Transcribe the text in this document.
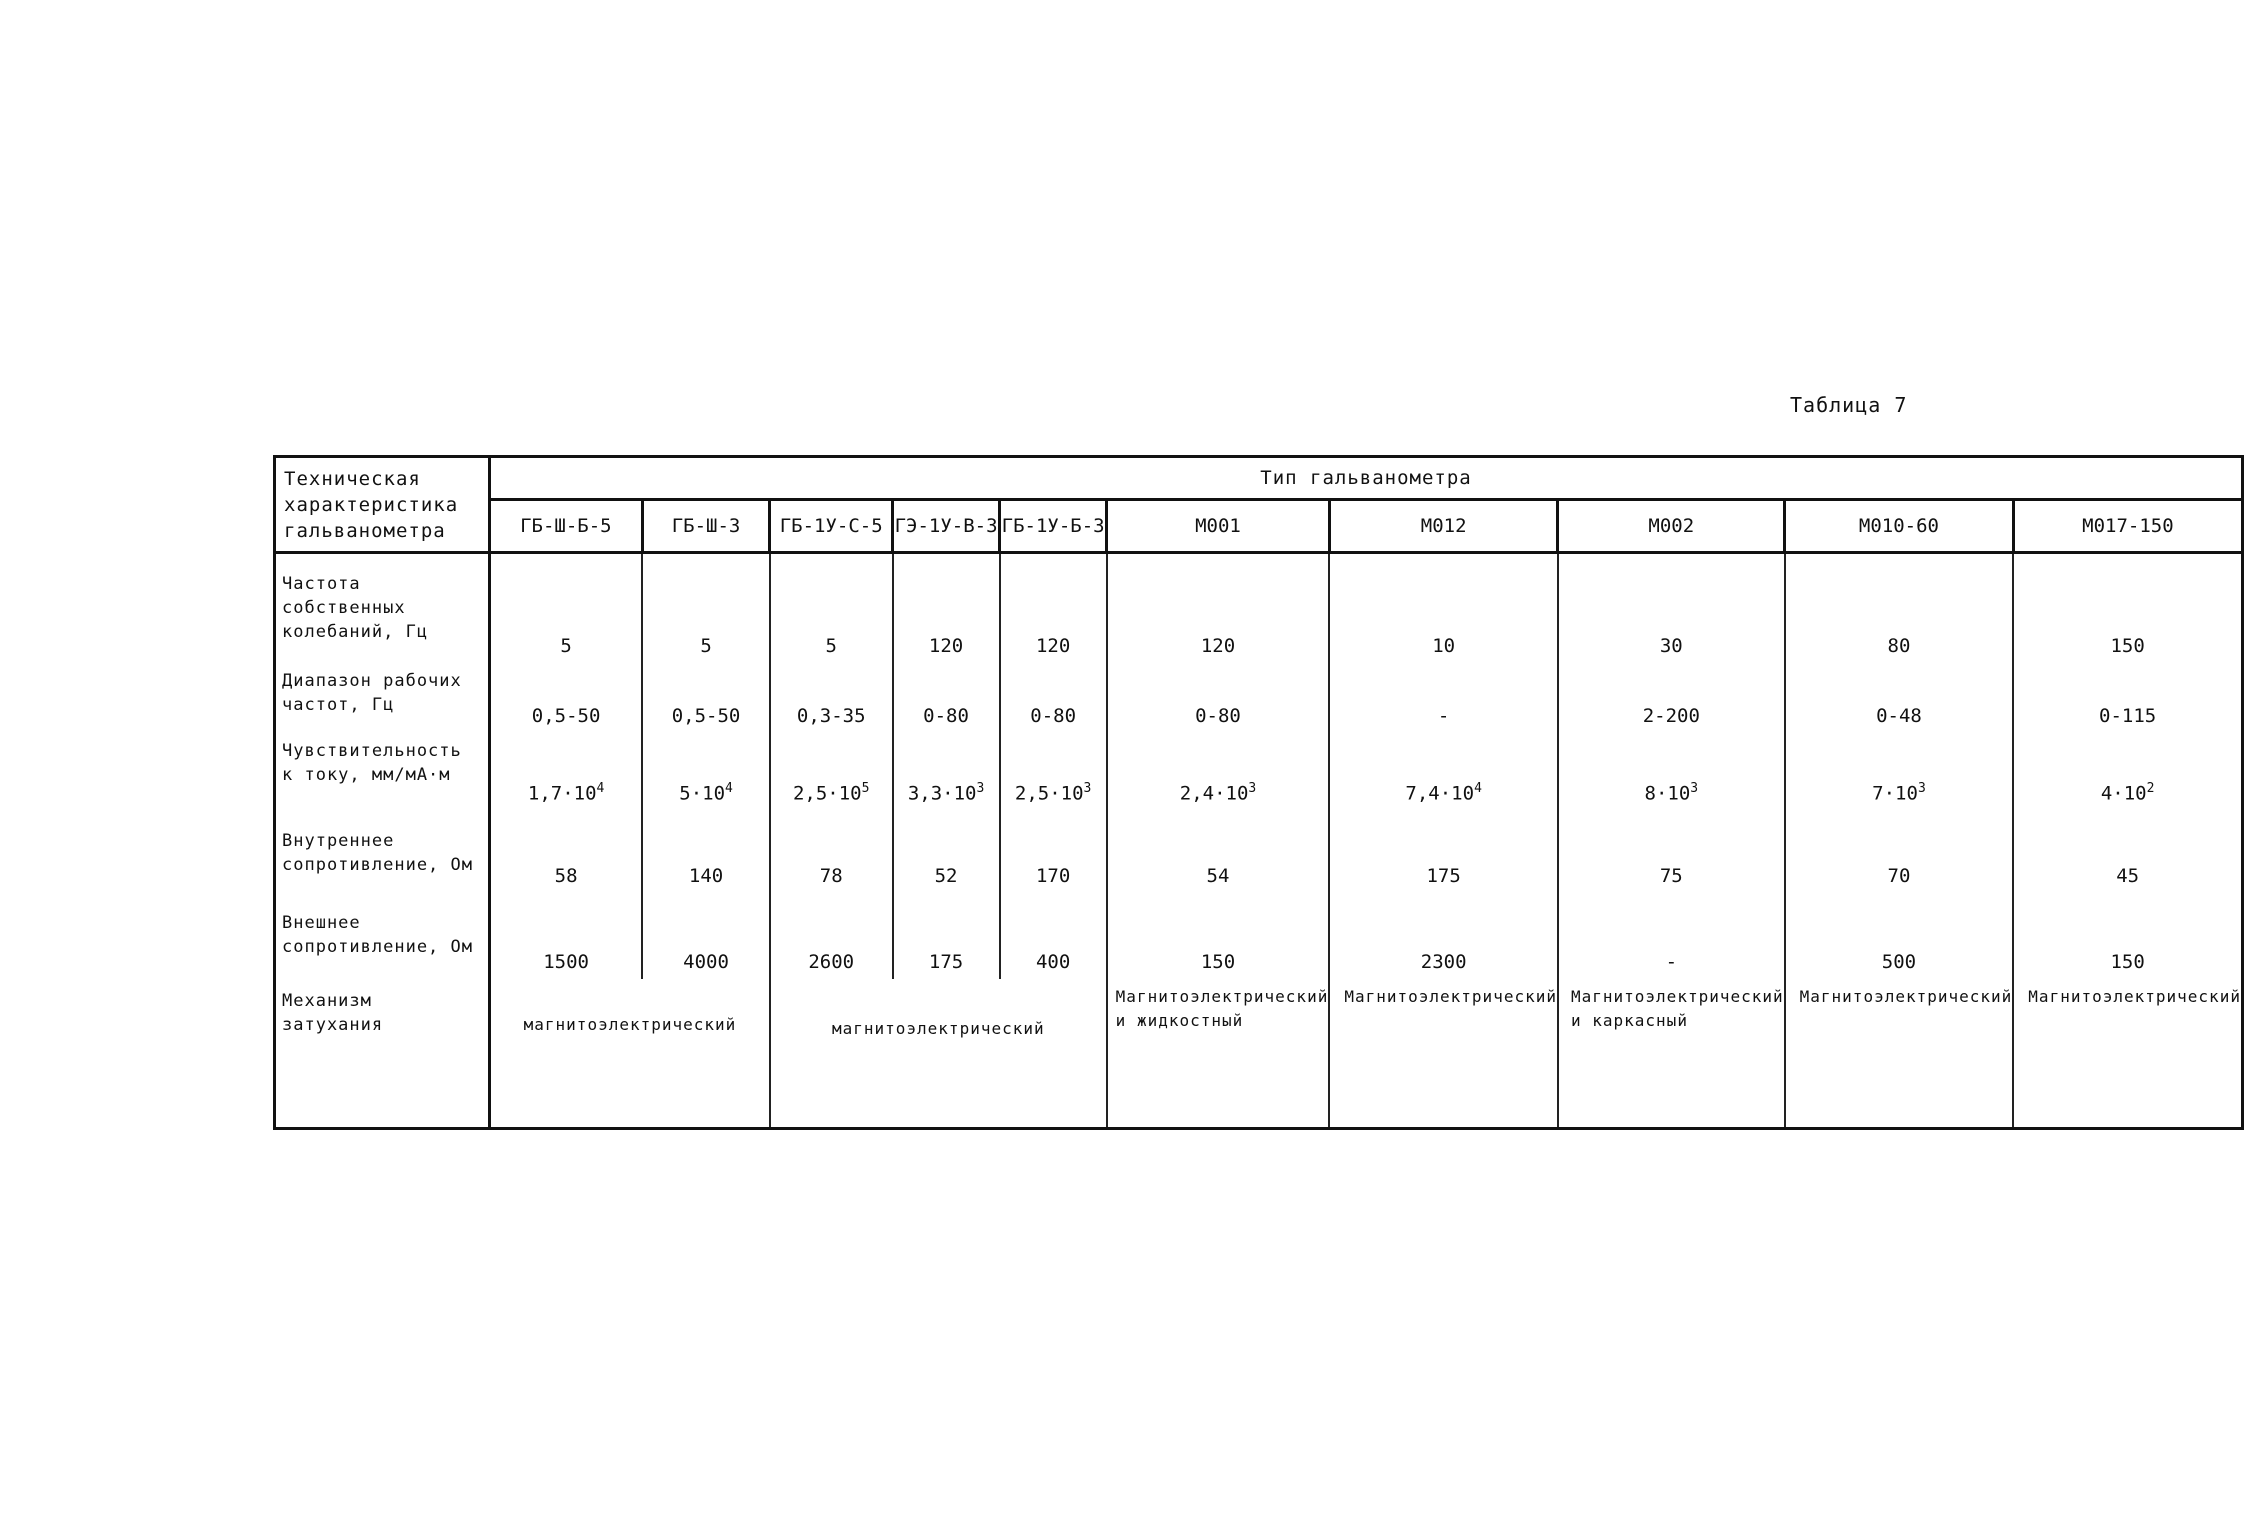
Таблица 7
Техническая характеристика гальванометра	Тип гальванометра									
	ГБ-Ш-Б-5	ГБ-Ш-3	ГБ-1У-С-5	ГЭ-1У-В-3	ГБ-1У-Б-3	М001	М012	М002	М010-60	М017-150
Частота собственных колебаний, Гц	5	5	5	120	120	120	10	30	80	150
Диапазон рабочих частот, Гц	0,5-50	0,5-50	0,3-35	0-80	0-80	0-80	-	2-200	0-48	0-115
Чувствительность к току, мм/мА·м	$1,7\cdot 10^4$	$5\cdot 10^4$	$2,5\cdot 10^5$	$3,3\cdot 10^3$	$2,5\cdot 10^3$	$2,4\cdot 10^3$	$7,4\cdot 10^4$	$8\cdot 10^3$	$7\cdot 10^3$	$4\cdot 10^2$
Внутреннее сопротивление, Ом	58	140	78	52	170	54	175	75	70	45
Внешнее сопротивление, Ом	1500	4000	2600	175	400	150	2300	-	500	150
Механизм затухания	магнитоэлектрический		магнитоэлектрический			Магнитоэлектрический и жидкостный	Магнитоэлектрический	Магнитоэлектрический и каркасный	Магнитоэлектрический	Магнитоэлектрический
